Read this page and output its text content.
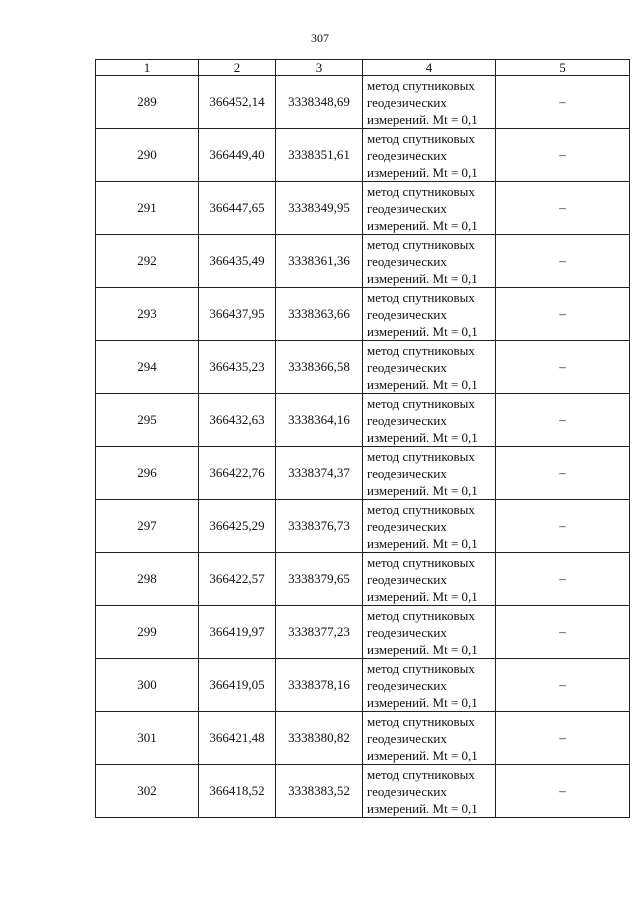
307
1	2	3	4	5
289	366452,14	3338348,69	метод спутниковых
геодезических
измерений. Mt = 0,1	–
290	366449,40	3338351,61	метод спутниковых
геодезических
измерений. Mt = 0,1	–
291	366447,65	3338349,95	метод спутниковых
геодезических
измерений. Mt = 0,1	–
292	366435,49	3338361,36	метод спутниковых
геодезических
измерений. Mt = 0,1	–
293	366437,95	3338363,66	метод спутниковых
геодезических
измерений. Mt = 0,1	–
294	366435,23	3338366,58	метод спутниковых
геодезических
измерений. Mt = 0,1	–
295	366432,63	3338364,16	метод спутниковых
геодезических
измерений. Mt = 0,1	–
296	366422,76	3338374,37	метод спутниковых
геодезических
измерений. Mt = 0,1	–
297	366425,29	3338376,73	метод спутниковых
геодезических
измерений. Mt = 0,1	–
298	366422,57	3338379,65	метод спутниковых
геодезических
измерений. Mt = 0,1	–
299	366419,97	3338377,23	метод спутниковых
геодезических
измерений. Mt = 0,1	–
300	366419,05	3338378,16	метод спутниковых
геодезических
измерений. Mt = 0,1	–
301	366421,48	3338380,82	метод спутниковых
геодезических
измерений. Mt = 0,1	–
302	366418,52	3338383,52	метод спутниковых
геодезических
измерений. Mt = 0,1	–
